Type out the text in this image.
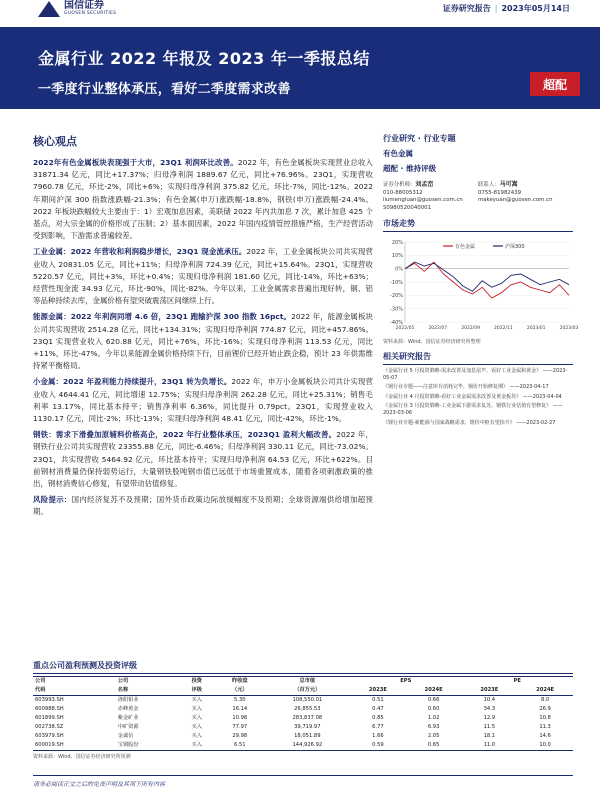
国信证券
GUOSEN SECURITIES
证券研究报告 | 2023年05月14日
金属行业 2022 年报及 2023 年一季报总结
一季度行业整体承压，看好二季度需求改善	超配
核心观点
2022年有色金属板块表现强于大市，23Q1 利润环比改善。2022 年，有色金属板块实现营业总收入 31871.34 亿元，同比+17.37%；归母净利润 1889.67 亿元，同比+76.96%。23Q1，实现营收 7960.78 亿元，环比-2%，同比+6%；实现归母净利润 375.82 亿元，环比-7%，同比-12%。2022 年期间沪深 300 指数涨跌幅-21.3%；有色金属(申万)涨跌幅-18.8%，钢铁(申万)涨跌幅-24.4%。2022 年板块跌幅较大主要由于：1）宏观加息因素，美联储 2022 年内共加息 7 次，累计加息 425 个基点，对大宗金属的价格形成了压制；2）基本面因素，2022 年国内疫情管控措施严格，生产经营活动受到影响，下游需求普遍较差。
工业金属：2022 年营收和利润稳步增长，23Q1 现金流承压。2022 年，工业金属板块公司共实现营业收入 20831.05 亿元，同比+11%；归母净利润 724.39 亿元，同比+15.64%。23Q1，实现营收 5220.57 亿元，同比+3%，环比+0.4%；实现归母净利润 181.60 亿元，同比-14%，环比+63%；经营性现金流 34.93 亿元，环比-90%，同比-82%。今年以来，工业金属需求普遍出现好转，铜、铝等品种持续去库，金属价格有望突破震荡区间继续上行。
能源金属：2022 年利润同增 4.6 倍，23Q1 跑输沪深 300 指数 16pct。2022 年，能源金属板块公司共实现营收 2514.28 亿元，同比+134.31%；实现归母净利润 774.87 亿元，同比+457.86%。23Q1 实现营业收入 620.88 亿元，同比+76%，环比-16%；实现归母净利润 113.53 亿元，同比+11%，环比-47%。今年以来能源金属价格持续下行，目前锂价已经开始止跌企稳，预计 23 年供需维持紧平衡格局。
小金属：2022 年盈利能力持续提升，23Q1 转为负增长。2022 年，申万小金属板块公司共计实现营业收入 4644.41 亿元，同比增速 12.75%；实现归母净利润 262.28 亿元，同比+25.31%；销售毛利率 13.17%，同比基本持平；销售净利率 6.36%，同比提升 0.79pct。23Q1，实现营业收入 1130.17 亿元，同比-2%；环比-13%；实现归母净利润 48.41 亿元，同比-42%，环比-1%。
钢铁：需求下滑叠加原辅料价格高企，2022 年行业整体承压，2023Q1 盈利大幅改善。2022 年，钢铁行业公司共实现营收 23355.88 亿元，同比-6.46%；归母净利润 330.11 亿元，同比-73.02%。23Q1，共实现营收 5464.92 亿元，环比基本持平；实现归母净利润 64.53 亿元，环比+622%。目前钢材消费量仍保持弱势运行，大量钢铁股吨钢市值已远低于市场重置成本，随着各项刺激政策的推出，钢材消费信心修复，有望带动估值修复。
风险提示：国内经济复苏不及预期；国外货币政策边际放缓幅度不及预期；全球资源端供给增加超预期。
行业研究 · 行业专题
有色金属
超配 · 维持评级
证券分析师：刘孟峦
010-88005312
liumengluan@guosen.com.cn
S0980520040001
联系人：马可嵩
0755-81982439
makeyuan@guosen.com.cn
市场走势
20%
10%
0%
-10%
-20%
-30%
-40%
2022/05	2022/07	2022/09	2022/11	2023/01	2023/03
有色金属	沪深300
资料来源：Wind、国信证券经济研究所整理
相关研究报告
《金属行业 5 月投资策略-需求改善及加息尾声，看好工业金属和黄金》 ——2023-05-07
《钢行业专题——注意库存消耗完毕，钢价开始修复期》 ——2023-04-17
《金属行业 4 月投资策略-看好工业金属需求改善及黄金板块》 ——2023-04-04
《金属行业 3 月投资策略-工业金属下游需求复苏，钢铁行业估值有望修复》 ——2023-03-06
《锂行业专题-新能源与国家战略需求，锂价中枢有望抬升》 ——2023-02-27
重点公司盈利预测及投资评级
公司	公司	投资	昨收盘	总市值	EPS		PE	
代码	名称	评级	（元）	（百万元）	2023E	2024E	2023E	2024E
603993.SH	洛阳钼业	买入	5.30	108,550.01	0.51	0.66	10.4	8.0
600988.SH	赤峰黄金	买入	16.14	26,855.53	0.47	0.60	34.3	26.9
601899.SH	紫金矿业	买入	10.98	283,837.08	0.85	1.02	12.9	10.8
002738.SZ	中矿资源	买入	77.97	39,719.97	6.77	6.93	11.5	11.3
603979.SH	金诚信	买入	29.98	18,051.89	1.66	2.05	18.1	14.6
600019.SH	宝钢股份	买入	6.51	144,926.92	0.59	0.65	11.0	10.0
资料来源：Wind、国信证券经济研究所预测
请务必阅读正文之后的免责声明及其项下所有内容
